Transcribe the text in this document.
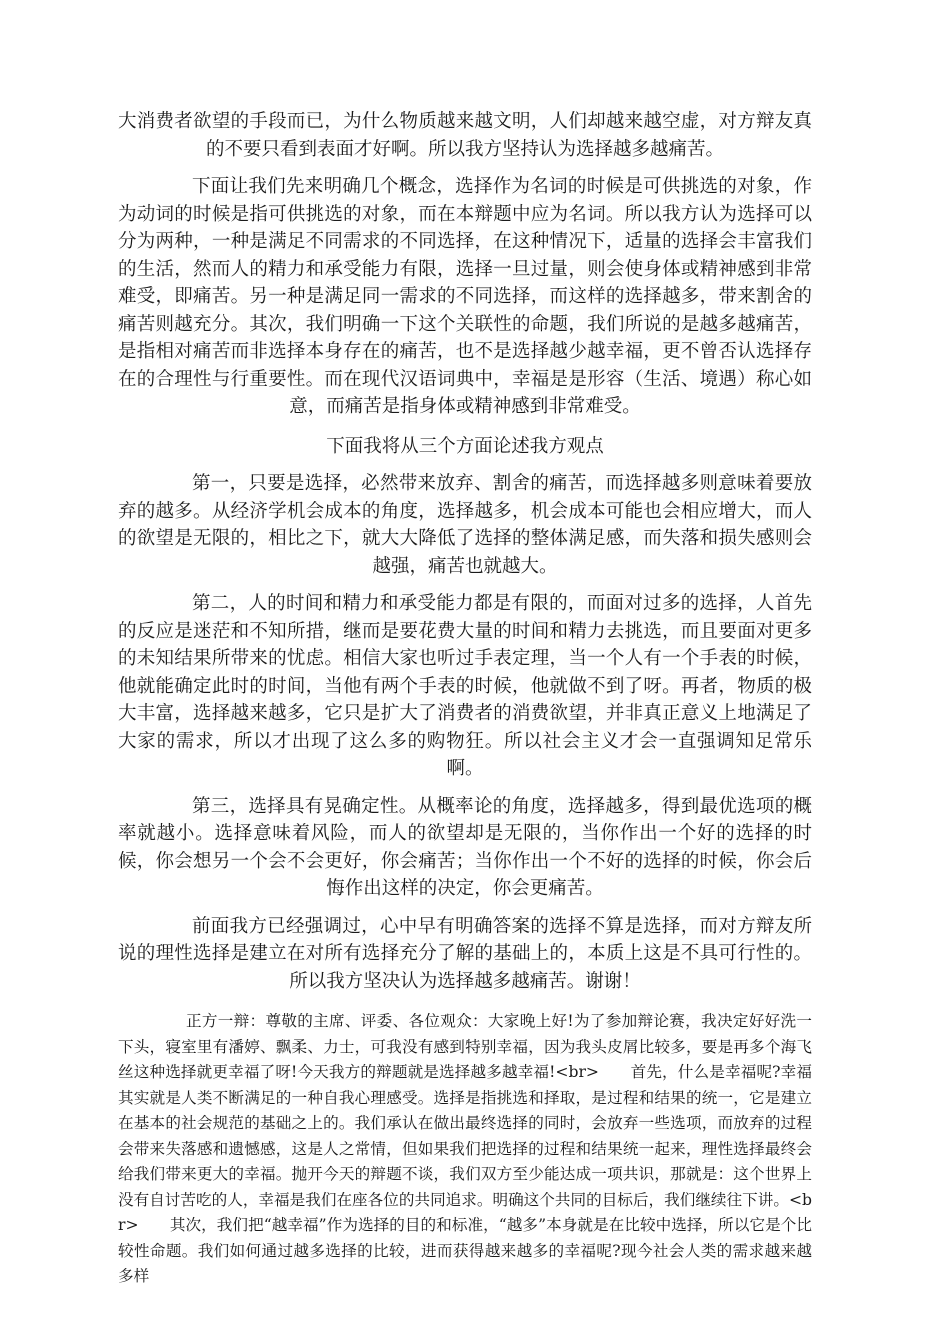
大消费者欲望的手段而已，为什么物质越来越文明，人们却越来越空虚，对方辩友真的不要只看到表面才好啊。所以我方坚持认为选择越多越痛苦。

下面让我们先来明确几个概念，选择作为名词的时候是可供挑选的对象，作为动词的时候是指可供挑选的对象，而在本辩题中应为名词。所以我方认为选择可以分为两种，一种是满足不同需求的不同选择，在这种情况下，适量的选择会丰富我们的生活，然而人的精力和承受能力有限，选择一旦过量，则会使身体或精神感到非常难受，即痛苦。另一种是满足同一需求的不同选择，而这样的选择越多，带来割舍的痛苦则越充分。其次，我们明确一下这个关联性的命题，我们所说的是越多越痛苦，是指相对痛苦而非选择本身存在的痛苦，也不是选择越少越幸福，更不曾否认选择存在的合理性与行重要性。而在现代汉语词典中，幸福是是形容（生活、境遇）称心如意，而痛苦是指身体或精神感到非常难受。

下面我将从三个方面论述我方观点

第一，只要是选择，必然带来放弃、割舍的痛苦，而选择越多则意味着要放弃的越多。从经济学机会成本的角度，选择越多，机会成本可能也会相应增大，而人的欲望是无限的，相比之下，就大大降低了选择的整体满足感，而失落和损失感则会越强，痛苦也就越大。

第二，人的时间和精力和承受能力都是有限的，而面对过多的选择，人首先的反应是迷茫和不知所措，继而是要花费大量的时间和精力去挑选，而且要面对更多的未知结果所带来的忧虑。相信大家也听过手表定理，当一个人有一个手表的时候，他就能确定此时的时间，当他有两个手表的时候，他就做不到了呀。再者，物质的极大丰富，选择越来越多，它只是扩大了消费者的消费欲望，并非真正意义上地满足了大家的需求，所以才出现了这么多的购物狂。所以社会主义才会一直强调知足常乐啊。

第三，选择具有晃确定性。从概率论的角度，选择越多，得到最优选项的概率就越小。选择意味着风险，而人的欲望却是无限的，当你作出一个好的选择的时候，你会想另一个会不会更好，你会痛苦；当你作出一个不好的选择的时候，你会后悔作出这样的决定，你会更痛苦。

前面我方已经强调过，心中早有明确答案的选择不算是选择，而对方辩友所说的理性选择是建立在对所有选择充分了解的基础上的，本质上这是不具可行性的。所以我方坚决认为选择越多越痛苦。谢谢！

正方一辩：尊敬的主席、评委、各位观众：大家晚上好!为了参加辩论赛，我决定好好洗一下头，寝室里有潘婷、飘柔、力士，可我没有感到特别幸福，因为我头皮屑比较多，要是再多个海飞丝这种选择就更幸福了呀!今天我方的辩题就是选择越多越幸福!<br>　　首先，什么是幸福呢?幸福其实就是人类不断满足的一种自我心理感受。选择是指挑选和择取，是过程和结果的统一，它是建立在基本的社会规范的基础之上的。我们承认在做出最终选择的同时，会放弃一些选项，而放弃的过程会带来失落感和遗憾感，这是人之常情，但如果我们把选择的过程和结果统一起来，理性选择最终会给我们带来更大的幸福。抛开今天的辩题不谈，我们双方至少能达成一项共识，那就是：这个世界上没有自讨苦吃的人，幸福是我们在座各位的共同追求。明确这个共同的目标后，我们继续往下讲。<br>　　其次，我们把“越幸福”作为选择的目的和标准，“越多”本身就是在比较中选择，所以它是个比较性命题。我们如何通过越多选择的比较，进而获得越来越多的幸福呢?现今社会人类的需求越来越多样
